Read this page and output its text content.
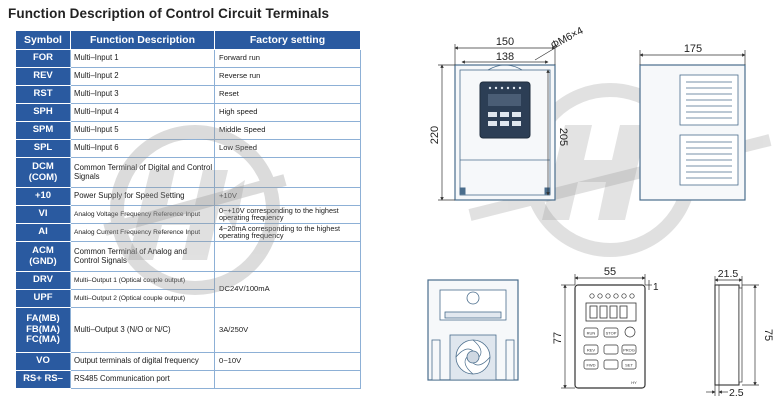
Function Description of Control Circuit Terminals
Symbol	Function Description	Factory setting

FOR	Multi–Input 1	Forward run

REV	Multi–Input 2	Reverse run

RST	Multi–Input 3	Reset

SPH	Multi–Input 4	High speed

SPM	Multi–Input 5	Middle Speed

SPL	Multi–Input 6	Low Speed

DCM
(COM)	Common Terminal of Digital and Control Signals	

+10	Power Supply for Speed Setting	+10V

VI	Analog Voltage Frequency Reference Input	0~+10V corresponding to the highest operating frequency

AI	Analog Current Frequency Reference Input	4~20mA corresponding to the highest operating frequency

ACM
(GND)	Common Terminal of Analog and Control Signals	

DRV	Multi–Output 1 (Optical couple output)	DC24V/100mA

UPF	Multi–Output 2 (Optical couple output)	

FA(MB)
FB(MA)
FC(MA)	Multi–Output 3 (N/O or N/C)	3A/250V

VO	Output terminals of digital frequency	0~10V

RS+ RS–	RS485 Communication port	
150
138
ΦM6×4
220	205
175
RUN	STOP
REV	PROG
FWD	SET
HY
55
77
1
21.5
75
2.5
